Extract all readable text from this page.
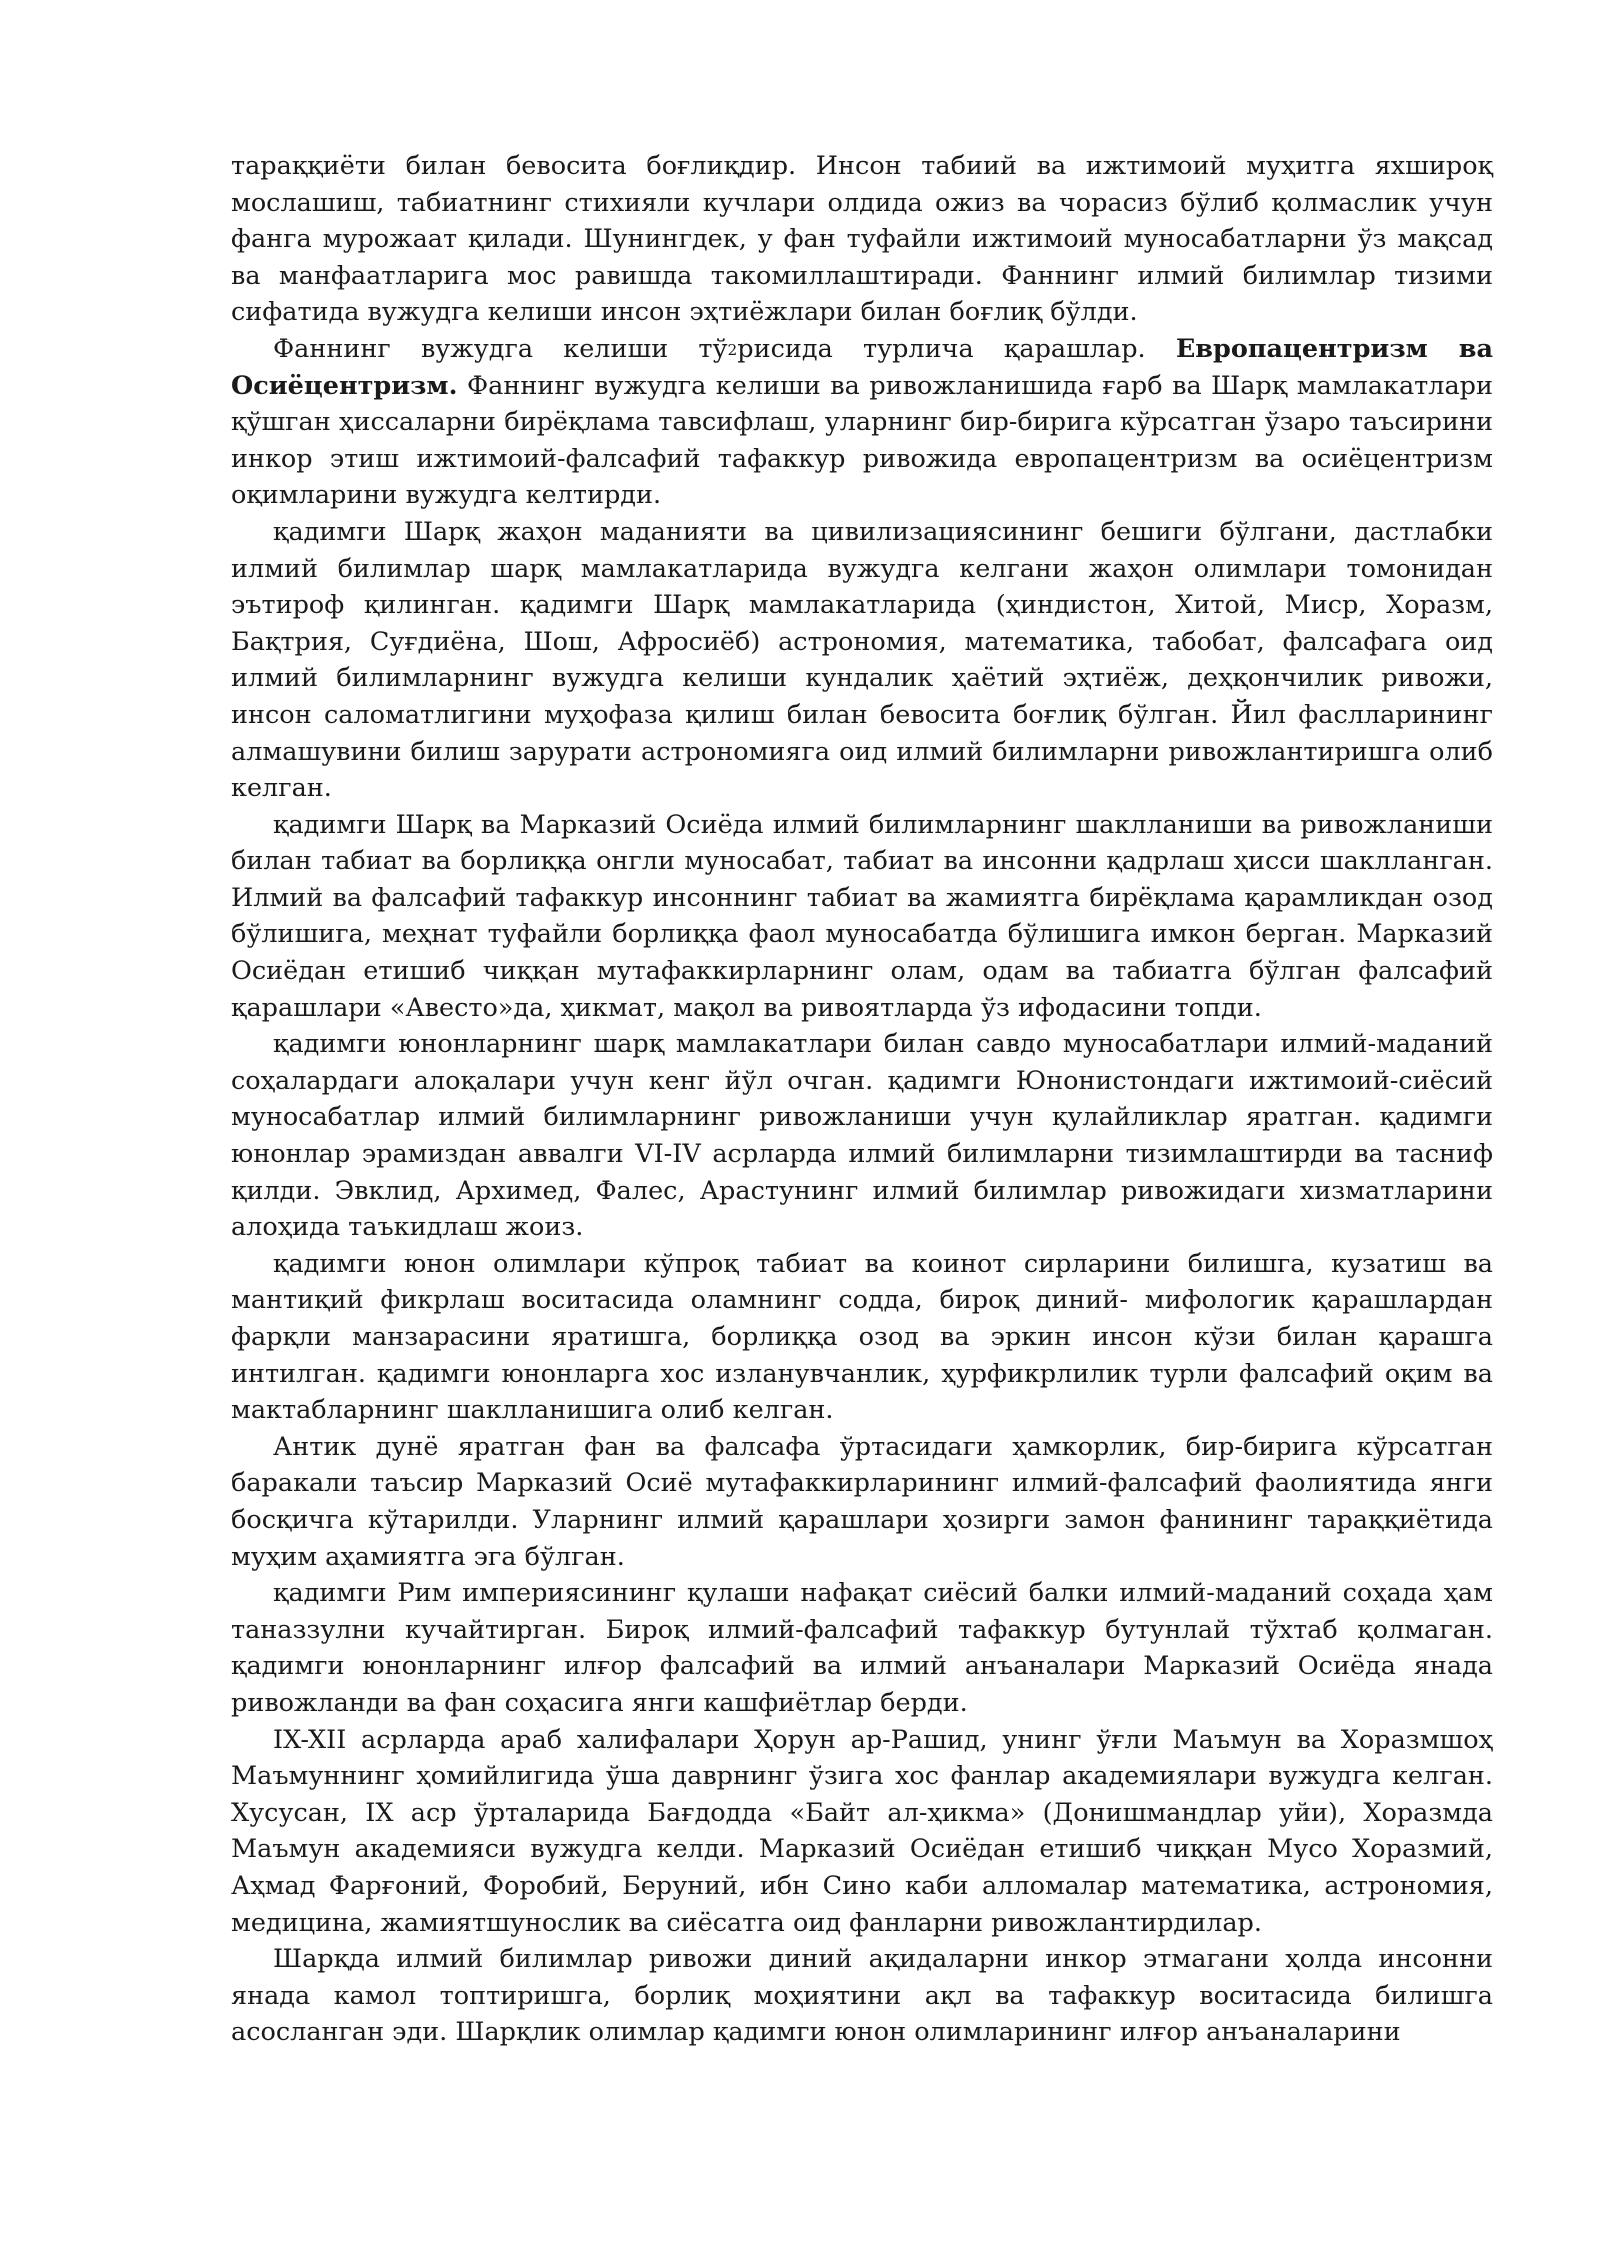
тараққиёти билан бевосита боғлиқдир. Инсон табиий ва ижтимоий муҳитга яхшироқ мослашиш, табиатнинг стихияли кучлари олдида ожиз ва чорасиз бўлиб қолмаслик учун фанга мурожаат қилади. Шунингдек, у фан туфайли ижтимоий муносабатларни ўз мақсад ва манфаатларига мос равишда такомиллаштиради. Фаннинг илмий билимлар тизими сифатида вужудга келиши инсон эҳтиёжлари билан боғлиқ бўлди.

Фаннинг вужудга келиши $тў^2рисида$ турлича қарашлар. Европацентризм ва Осиёцентризм. Фаннинг вужудга келиши ва ривожланишида ғарб ва Шарқ мамлакатлари қўшган ҳиссаларни бирёқлама тавсифлаш, уларнинг бир-бирига кўрсатган ўзаро таъсирини инкор этиш ижтимоий-фалсафий тафаккур ривожида европацентризм ва осиёцентризм оқимларини вужудга келтирди.

қадимги Шарқ жаҳон маданияти ва цивилизациясининг бешиги бўлгани, дастлабки илмий билимлар шарқ мамлакатларида вужудга келгани жаҳон олимлари томонидан эътироф қилинган. қадимги Шарқ мамлакатларида (ҳиндистон, Хитой, Миср, Хоразм, Бақтрия, Суғдиёна, Шош, Афросиёб) астрономия, математика, табобат, фалсафага оид илмий билимларнинг вужудга келиши кундалик ҳаётий эҳтиёж, деҳқончилик ривожи, инсон саломатлигини муҳофаза қилиш билан бевосита боғлиқ бўлган. Йил фаслларининг алмашувини билиш зарурати астрономияга оид илмий билимларни ривожлантиришга олиб келган.

қадимги Шарқ ва Марказий Осиёда илмий билимларнинг шаклланиши ва ривожланиши билан табиат ва борлиққа онгли муносабат, табиат ва инсонни қадрлаш ҳисси шаклланган. Илмий ва фалсафий тафаккур инсоннинг табиат ва жамиятга бирёқлама қарамликдан озод бўлишига, меҳнат туфайли борлиққа фаол муносабатда бўлишига имкон берган. Марказий Осиёдан етишиб чиққан мутафаккирларнинг олам, одам ва табиатга бўлган фалсафий қарашлари «Авесто»да, ҳикмат, мақол ва ривоятларда ўз ифодасини топди.

қадимги юнонларнинг шарқ мамлакатлари билан савдо муносабатлари илмий-маданий соҳалардаги алоқалари учун кенг йўл очган. қадимги Юнонистондаги ижтимоий-сиёсий муносабатлар илмий билимларнинг ривожланиши учун қулайликлар яратган. қадимги юнонлар эрамиздан аввалги VI-IV асрларда илмий билимларни тизимлаштирди ва тасниф қилди. Эвклид, Архимед, Фалес, Арастунинг илмий билимлар ривожидаги хизматларини алоҳида таъкидлаш жоиз.

қадимги юнон олимлари кўпроқ табиат ва коинот сирларини билишга, кузатиш ва мантиқий фикрлаш воситасида оламнинг содда, бироқ диний- мифологик қарашлардан фарқли манзарасини яратишга, борлиққа озод ва эркин инсон кўзи билан қарашга интилган. қадимги юнонларга хос изланувчанлик, ҳурфикрлилик турли фалсафий оқим ва мактабларнинг шаклланишига олиб келган.

Антик дунё яратган фан ва фалсафа ўртасидаги ҳамкорлик, бир-бирига кўрсатган баракали таъсир Марказий Осиё мутафаккирларининг илмий-фалсафий фаолиятида янги босқичга кўтарилди. Уларнинг илмий қарашлари ҳозирги замон фанининг тараққиётида муҳим аҳамиятга эга бўлган.

қадимги Рим империясининг қулаши нафақат сиёсий балки илмий-маданий соҳада ҳам таназзулни кучайтирган. Бироқ илмий-фалсафий тафаккур бутунлай тўхтаб қолмаган. қадимги юнонларнинг илғор фалсафий ва илмий анъаналари Марказий Осиёда янада ривожланди ва фан соҳасига янги кашфиётлар берди.

IX-XII асрларда араб халифалари Ҳорун ар-Рашид, унинг ўғли Маъмун ва Хоразмшоҳ Маъмуннинг ҳомийлигида ўша даврнинг ўзига хос фанлар академиялари вужудга келган. Хусусан, IX аср ўрталарида Бағдодда «Байт ал-ҳикма» (Донишмандлар уйи), Хоразмда Маъмун академияси вужудга келди. Марказий Осиёдан етишиб чиққан Мусо Хоразмий, Аҳмад Фарғоний, Форобий, Беруний, ибн Сино каби алломалар математика, астрономия, медицина, жамиятшунослик ва сиёсатга оид фанларни ривожлантирдилар.

Шарқда илмий билимлар ривожи диний ақидаларни инкор этмагани ҳолда инсонни янада камол топтиришга, борлиқ моҳиятини ақл ва тафаккур воситасида билишга асосланган эди. Шарқлик олимлар қадимги юнон олимларининг илғор анъаналарини
